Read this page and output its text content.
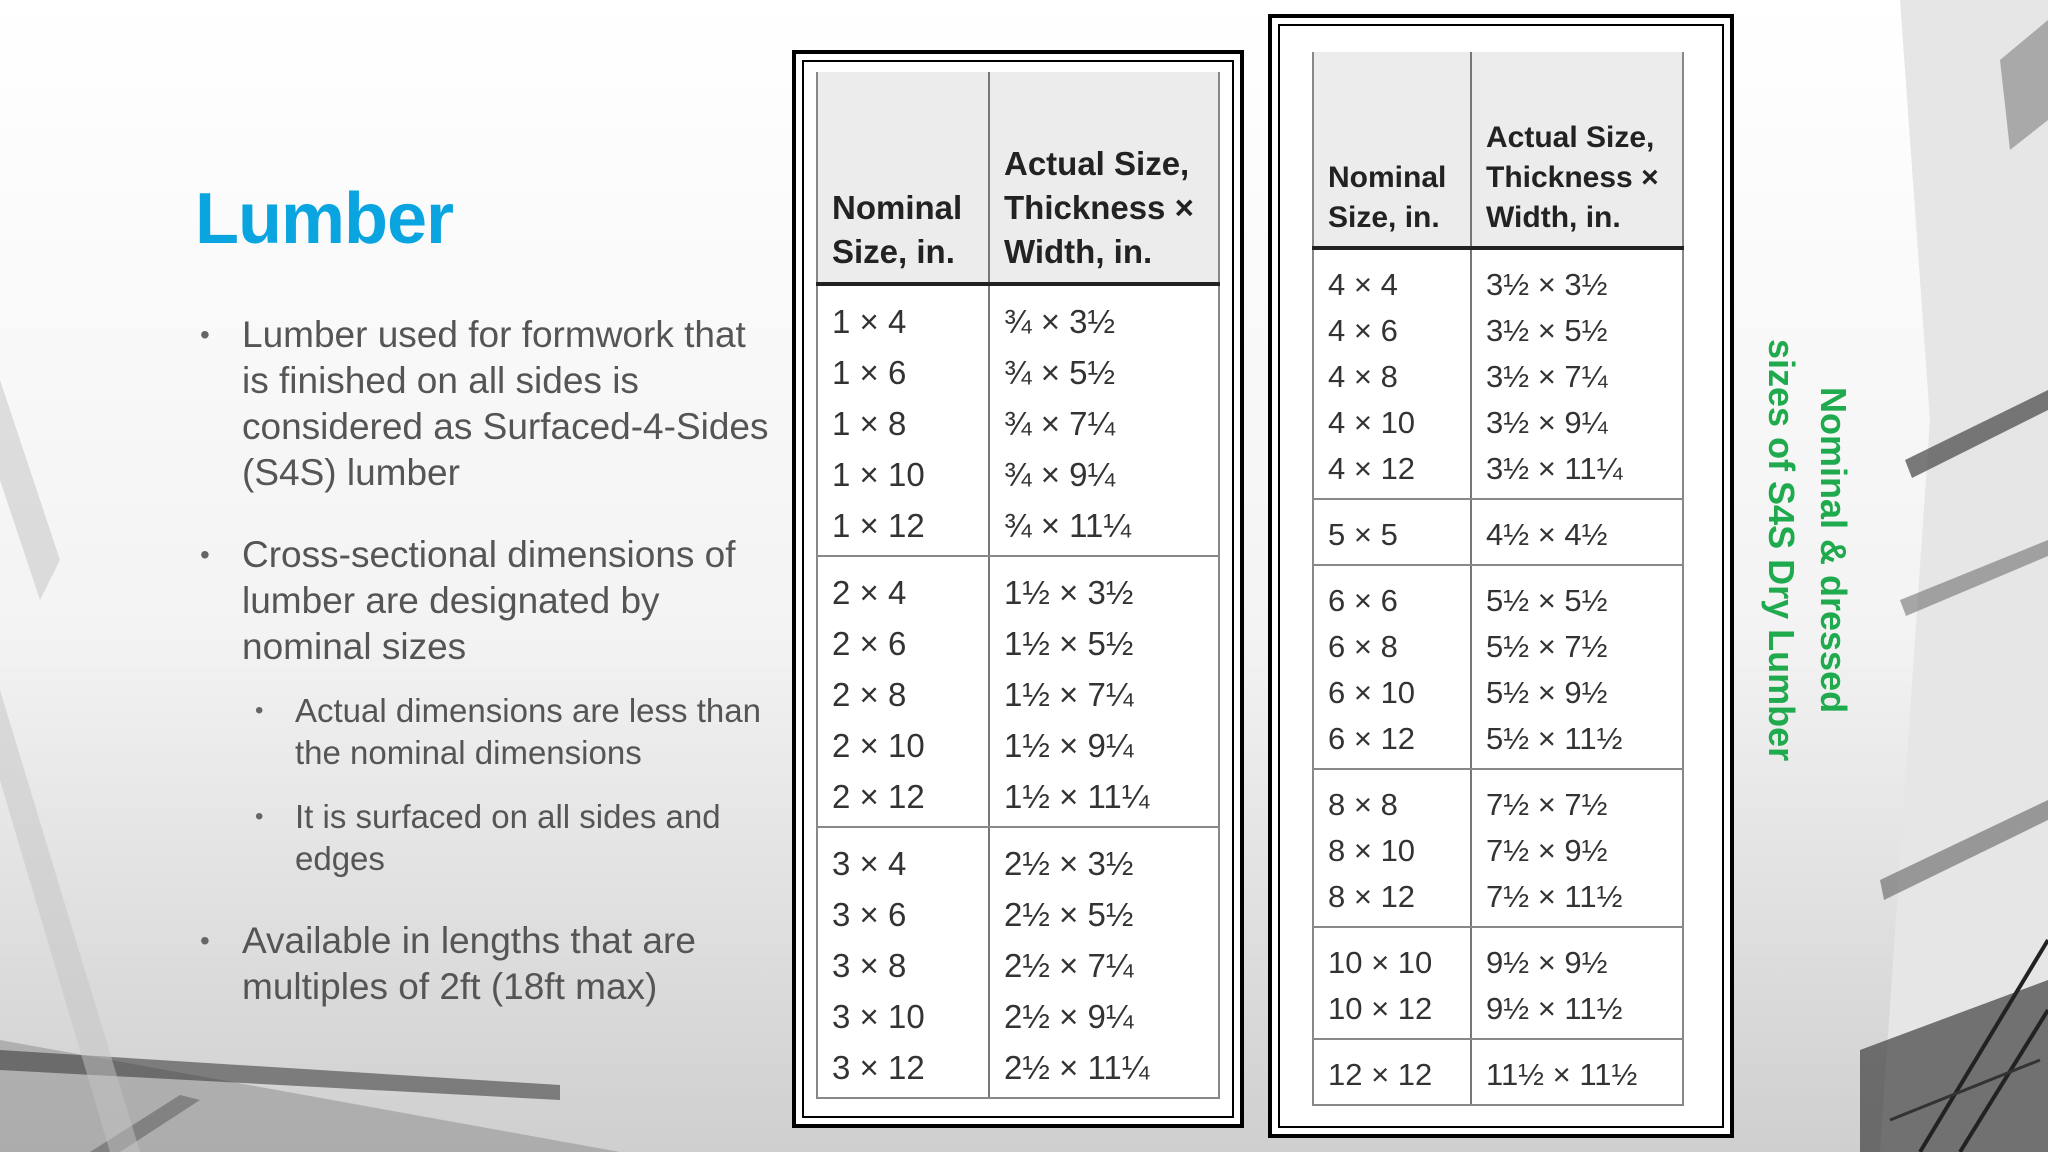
Lumber
• Lumber used for formwork that is finished on all sides is considered as Surfaced-4-Sides (S4S) lumber
• Cross-sectional dimensions of lumber are designated by nominal sizes
• Actual dimensions are less than the nominal dimensions
• It is surfaced on all sides and edges
• Available in lengths that are multiples of 2ft (18ft max)
Nominal Size, in.	Actual Size, Thickness × Width, in.
1 × 4	¾ × 3½
1 × 6	¾ × 5½
1 × 8	¾ × 7¼
1 × 10	¾ × 9¼
1 × 12	¾ × 11¼
2 × 4	1½ × 3½
2 × 6	1½ × 5½
2 × 8	1½ × 7¼
2 × 10	1½ × 9¼
2 × 12	1½ × 11¼
3 × 4	2½ × 3½
3 × 6	2½ × 5½
3 × 8	2½ × 7¼
3 × 10	2½ × 9¼
3 × 12	2½ × 11¼
Nominal Size, in.	Actual Size, Thickness × Width, in.
4 × 4	3½ × 3½
4 × 6	3½ × 5½
4 × 8	3½ × 7¼
4 × 10	3½ × 9¼
4 × 12	3½ × 11¼
5 × 5	4½ × 4½
6 × 6	5½ × 5½
6 × 8	5½ × 7½
6 × 10	5½ × 9½
6 × 12	5½ × 11½
8 × 8	7½ × 7½
8 × 10	7½ × 9½
8 × 12	7½ × 11½
10 × 10	9½ × 9½
10 × 12	9½ × 11½
12 × 12	11½ × 11½
Nominal & dressed
sizes of S4S Dry Lumber
